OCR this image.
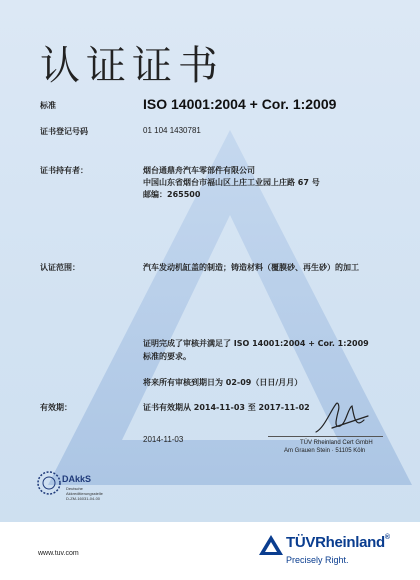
认证证书
标准	ISO 14001:2004 + Cor. 1:2009
证书登记号码	01 104 1430781
证书持有者：	烟台通鼎舟汽车零部件有限公司
中国山东省烟台市福山区上庄工业园上庄路 67 号
邮编：265500
认证范围：	汽车发动机缸盖的制造；铸造材料（覆膜砂、再生砂）的加工
证明完成了审核并满足了 ISO 14001:2004 + Cor. 1:2009
标准的要求。
将来所有审核到期日为 02-09（日日/月月）
有效期：	证书有效期从 2014-11-03 至 2017-11-02
2014-11-03	TÜV Rheinland Cert GmbH
Am Grauen Stein · 51105 Köln
DAkkS
Deutsche
Akkreditierungsstelle
D-ZM-16031-04-00
www.tuv.com
TÜVRheinland®
Precisely Right.
